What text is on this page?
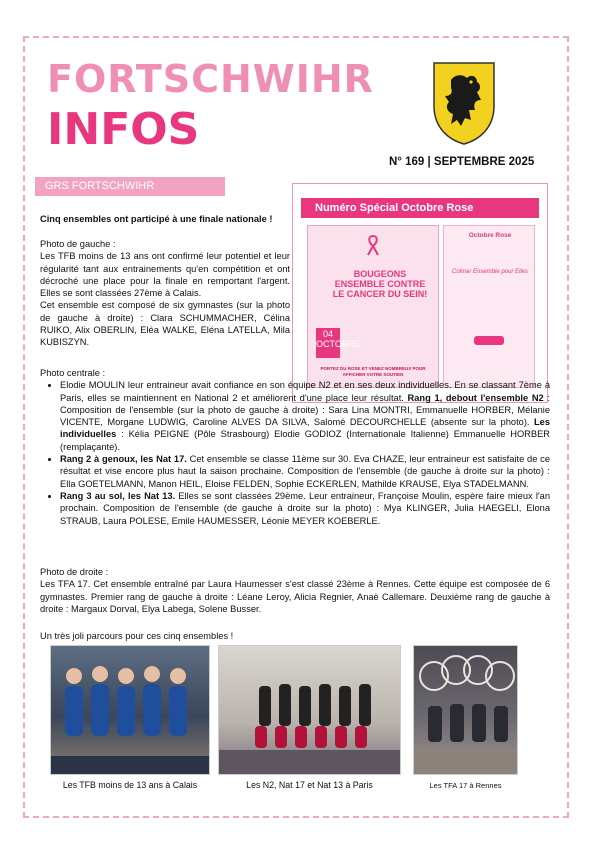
FORTSCHWIHR
INFOS
N° 169 | SEPTEMBRE 2025
GRS FORTSCHWIHR
Numéro Spécial Octobre Rose
BOUGEONS ENSEMBLE CONTRE LE CANCER DU SEIN!
04 OCTOBRE
PORTEZ DU ROSE ET VENEZ NOMBREUX POUR AFFICHER VOTRE SOUTIEN
Octobre Rose
Colmar Ensemble pour Elles
Cinq ensembles ont participé à une finale nationale !

Photo de gauche :

Les TFB moins de 13 ans ont confirmé leur potentiel et leur régularité tant aux entrainements qu'en compétition et ont décroché une place pour la finale en remportant l'argent. Elles se sont classées 27ème à Calais.

Cet ensemble est composé de six gymnastes (sur la photo de gauche à droite) : Clara SCHUMMACHER, Célina RUIKO, Alix OBERLIN, Eléa WALKE, Eléna LATELLA, Mila KUBISZYN.

Photo centrale :
• Elodie MOULIN leur entraineur avait confiance en son équipe N2 et en ses deux individuelles. En se classant 7ème à Paris, elles se maintiennent en National 2 et améliorent d'une place leur résultat. Rang 1, debout l'ensemble N2 : Composition de l'ensemble (sur la photo de gauche à droite) : Sara Lina MONTRI, Emmanuelle HORBER, Mélanie VICENTE, Morgane LUDWIG, Caroline ALVES DA SILVA, Salomé DECOURCHELLE (absente sur la photo). Les individuelles : Kélia PEIGNE (Pôle Strasbourg) Elodie GODIOZ (Internationale Italienne) Emmanuelle HORBER (remplaçante).
• Rang 2 à genoux, les Nat 17. Cet ensemble se classe 11ème sur 30. Eva CHAZE, leur entraineur est satisfaite de ce résultat et vise encore plus haut la saison prochaine. Composition de l'ensemble (de gauche à droite sur la photo) : Ella GOETELMANN, Manon HEIL, Eloise FELDEN, Sophie ECKERLEN, Mathilde KRAUSE, Elya STADELMANN.
• Rang 3 au sol, les Nat 13. Elles se sont classées 29ème. Leur entraineur, Françoise Moulin, espère faire mieux l'an prochain. Composition de l'ensemble (de gauche à droite sur la photo) : Mya KLINGER, Julia HAEGELI, Elona STRAUB, Laura POLESE, Emile HAUMESSER, Léonie MEYER KOEBERLE.

Photo de droite :

Les TFA 17. Cet ensemble entraîné par Laura Haumesser s'est classé 23ème à Rennes. Cette équipe est composée de 6 gymnastes. Premier rang de gauche à droite : Léane Leroy, Alicia Regnier, Anaë Callemare. Deuxième rang de gauche à droite : Margaux Dorval, Elya Labega, Solene Busser.

Un très joli parcours pour ces cinq ensembles !
Les TFB moins de 13 ans à Calais	Les N2, Nat 17 et Nat 13 à Paris	Les TFA 17 à Rennes
